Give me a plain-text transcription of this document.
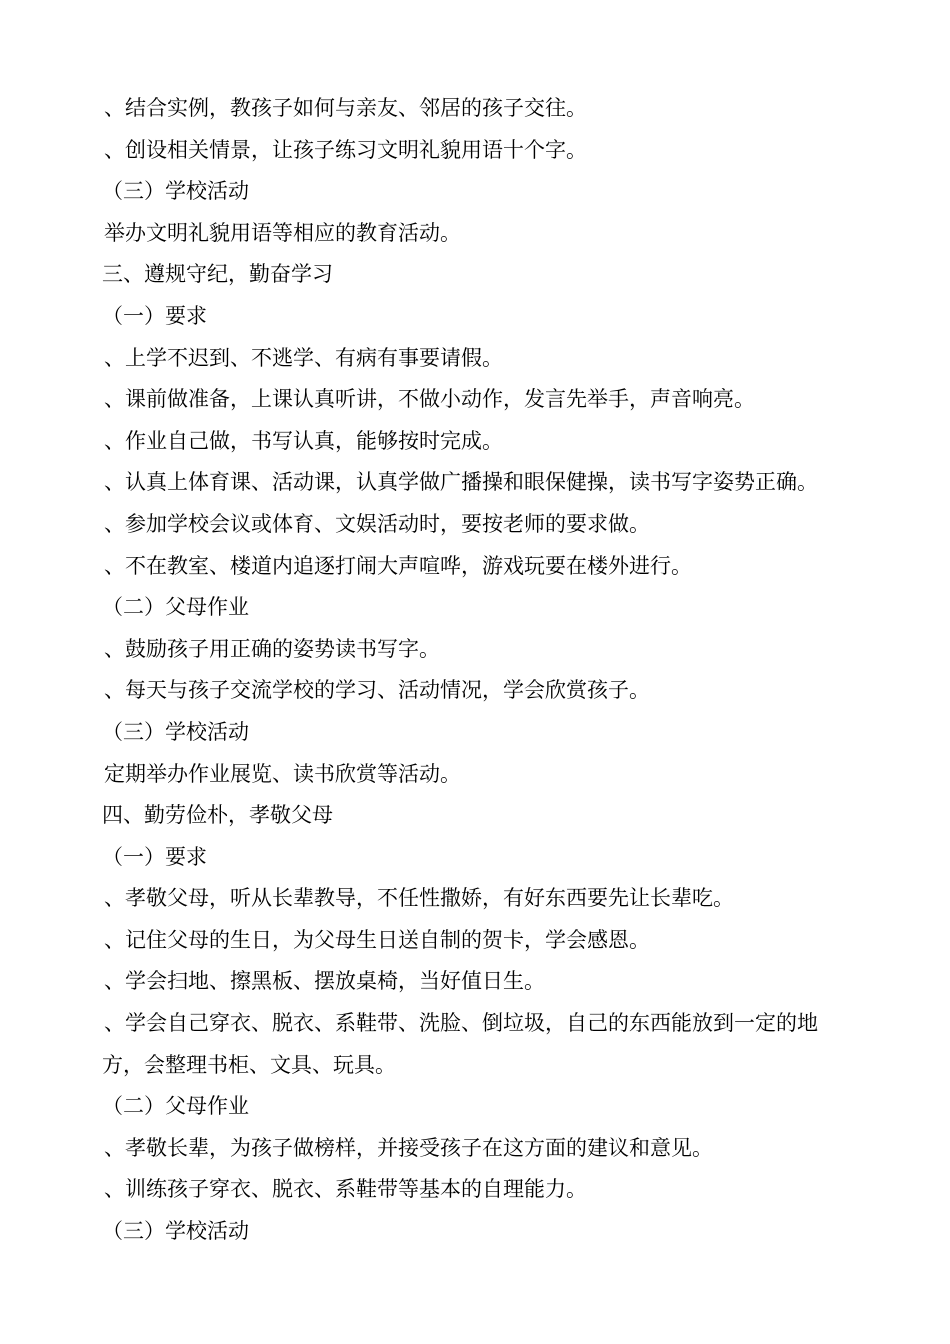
、结合实例，教孩子如何与亲友、邻居的孩子交往。
、创设相关情景，让孩子练习文明礼貌用语十个字。
（三）学校活动
举办文明礼貌用语等相应的教育活动。
三、遵规守纪，勤奋学习
（一）要求
、上学不迟到、不逃学、有病有事要请假。
、课前做准备，上课认真听讲，不做小动作，发言先举手，声音响亮。
、作业自己做，书写认真，能够按时完成。
、认真上体育课、活动课，认真学做广播操和眼保健操，读书写字姿势正确。
、参加学校会议或体育、文娱活动时，要按老师的要求做。
、不在教室、楼道内追逐打闹大声喧哗，游戏玩要在楼外进行。
（二）父母作业
、鼓励孩子用正确的姿势读书写字。
、每天与孩子交流学校的学习、活动情况，学会欣赏孩子。
（三）学校活动
定期举办作业展览、读书欣赏等活动。
四、勤劳俭朴，孝敬父母
（一）要求
、孝敬父母，听从长辈教导，不任性撒娇，有好东西要先让长辈吃。
、记住父母的生日，为父母生日送自制的贺卡，学会感恩。
、学会扫地、擦黑板、摆放桌椅，当好值日生。
、学会自己穿衣、脱衣、系鞋带、洗脸、倒垃圾，自己的东西能放到一定的地
方，会整理书柜、文具、玩具。
（二）父母作业
、孝敬长辈，为孩子做榜样，并接受孩子在这方面的建议和意见。
、训练孩子穿衣、脱衣、系鞋带等基本的自理能力。
（三）学校活动
